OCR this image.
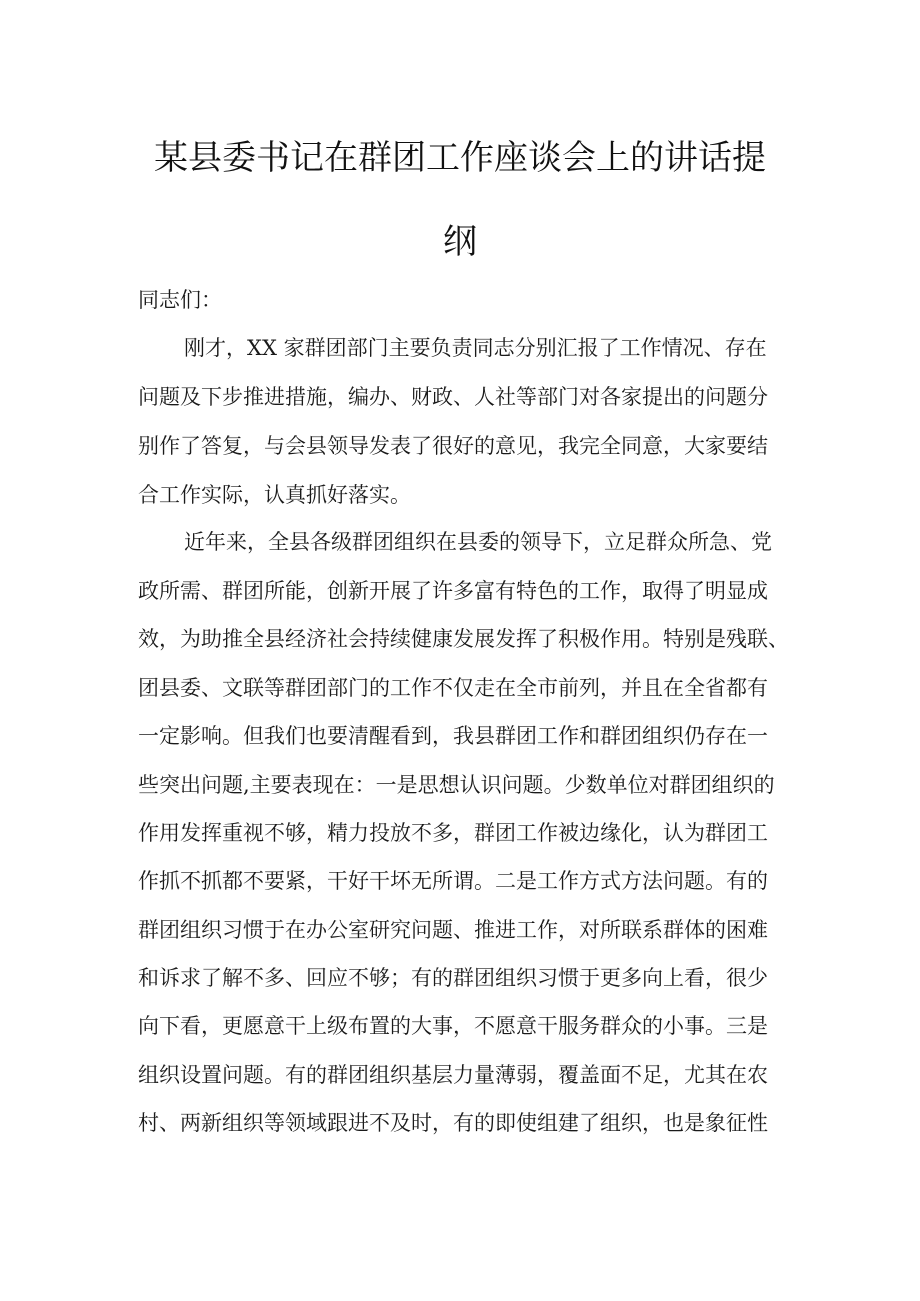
某县委书记在群团工作座谈会上的讲话提
纲
同志们：
刚才，XX 家群团部门主要负责同志分别汇报了工作情况、存在
问题及下步推进措施，编办、财政、人社等部门对各家提出的问题分
别作了答复，与会县领导发表了很好的意见，我完全同意，大家要结
合工作实际，认真抓好落实。
近年来，全县各级群团组织在县委的领导下，立足群众所急、党
政所需、群团所能，创新开展了许多富有特色的工作，取得了明显成
效，为助推全县经济社会持续健康发展发挥了积极作用。特别是残联、
团县委、文联等群团部门的工作不仅走在全市前列，并且在全省都有
一定影响。但我们也要清醒看到，我县群团工作和群团组织仍存在一
些突出问题,主要表现在：一是思想认识问题。少数单位对群团组织的
作用发挥重视不够，精力投放不多，群团工作被边缘化，认为群团工
作抓不抓都不要紧，干好干坏无所谓。二是工作方式方法问题。有的
群团组织习惯于在办公室研究问题、推进工作，对所联系群体的困难
和诉求了解不多、回应不够；有的群团组织习惯于更多向上看，很少
向下看，更愿意干上级布置的大事，不愿意干服务群众的小事。三是
组织设置问题。有的群团组织基层力量薄弱，覆盖面不足，尤其在农
村、两新组织等领域跟进不及时，有的即使组建了组织，也是象征性
